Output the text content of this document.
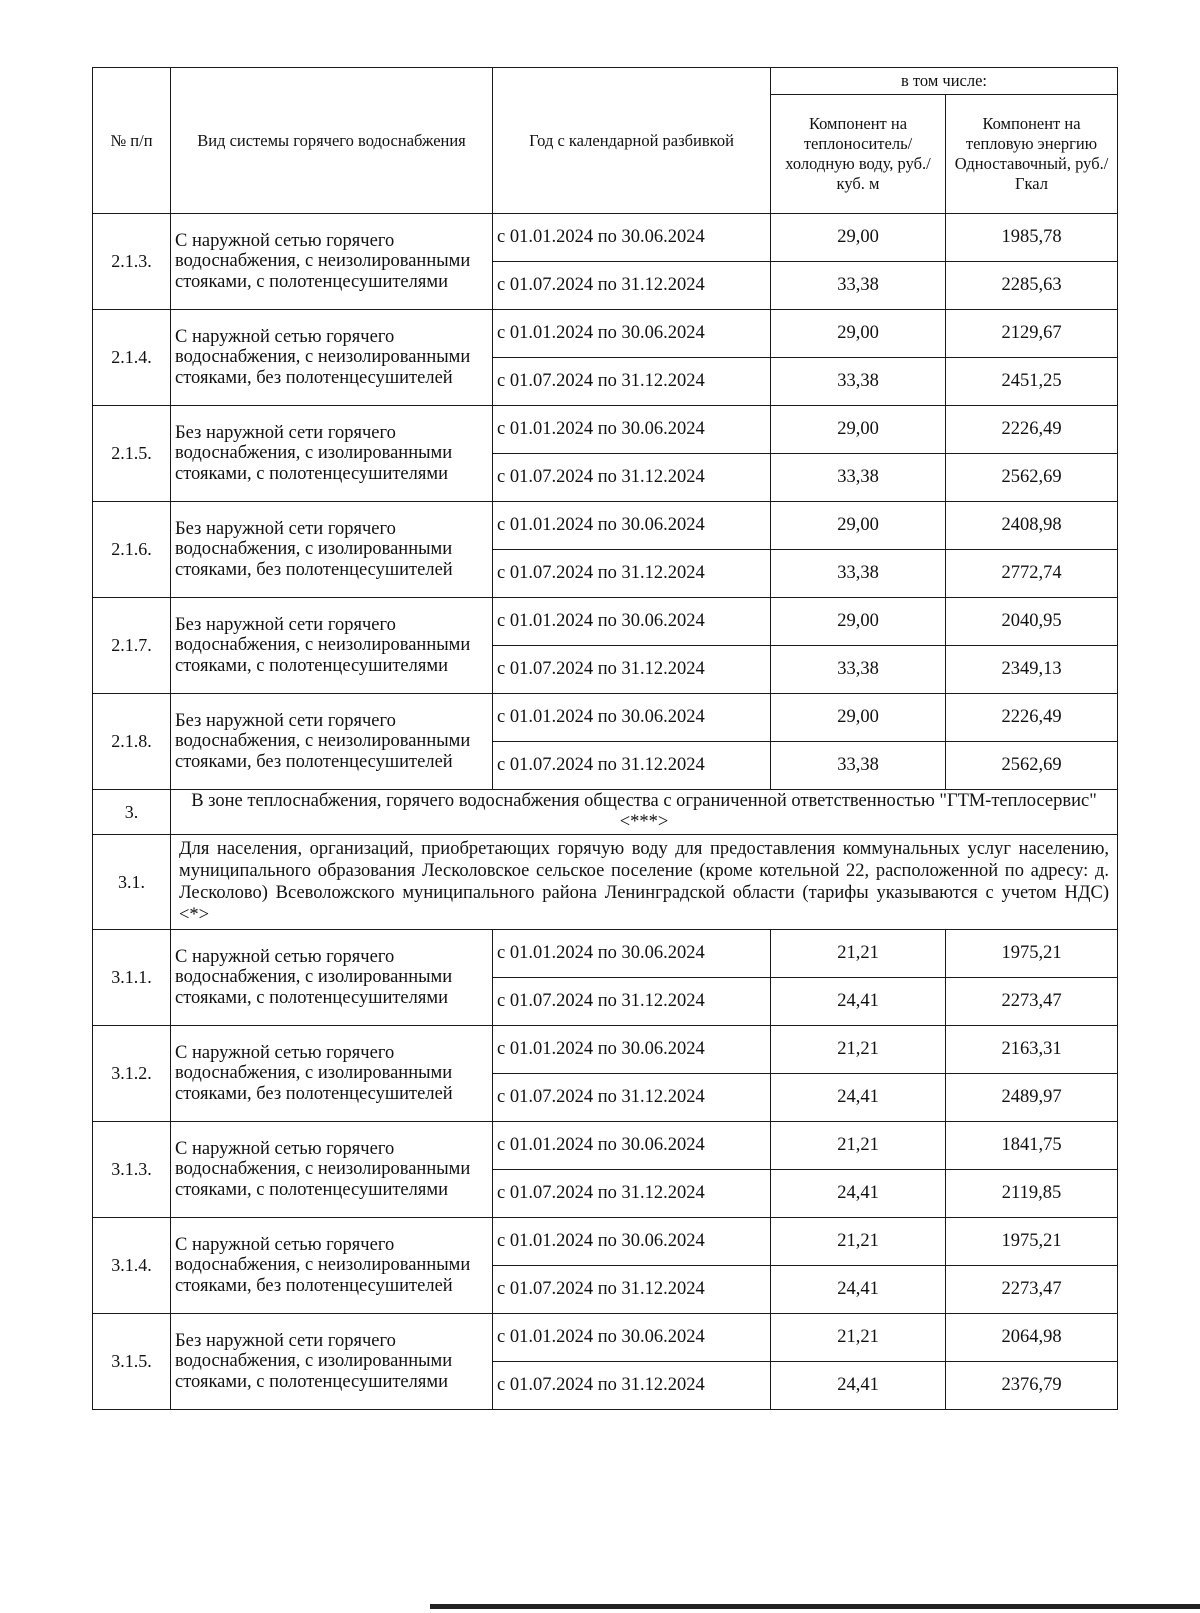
№ п/п	Вид системы горячего водоснабжения	Год с календарной разбивкой	в том числе:	
			Компонент на теплоноситель/ холодную воду, руб./куб. м	Компонент на тепловую энергию Одноставочный, руб./Гкал
2.1.3.	С наружной сетью горячего водоснабжения, с неизолированными стояками, с полотенцесушителями	с 01.01.2024 по 30.06.2024	29,00	1985,78
		с 01.07.2024 по 31.12.2024	33,38	2285,63
2.1.4.	С наружной сетью горячего водоснабжения, с неизолированными стояками, без полотенцесушителей	с 01.01.2024 по 30.06.2024	29,00	2129,67
		с 01.07.2024 по 31.12.2024	33,38	2451,25
2.1.5.	Без наружной сети горячего водоснабжения, с изолированными стояками, с полотенцесушителями	с 01.01.2024 по 30.06.2024	29,00	2226,49
		с 01.07.2024 по 31.12.2024	33,38	2562,69
2.1.6.	Без наружной сети горячего водоснабжения, с изолированными стояками, без полотенцесушителей	с 01.01.2024 по 30.06.2024	29,00	2408,98
		с 01.07.2024 по 31.12.2024	33,38	2772,74
2.1.7.	Без наружной сети горячего водоснабжения, с неизолированными стояками, с полотенцесушителями	с 01.01.2024 по 30.06.2024	29,00	2040,95
		с 01.07.2024 по 31.12.2024	33,38	2349,13
2.1.8.	Без наружной сети горячего водоснабжения, с неизолированными стояками, без полотенцесушителей	с 01.01.2024 по 30.06.2024	29,00	2226,49
		с 01.07.2024 по 31.12.2024	33,38	2562,69
3.	В зоне теплоснабжения, горячего водоснабжения общества с ограниченной ответственностью "ГТМ-теплосервис" <***>			
3.1.	Для населения, организаций, приобретающих горячую воду для предоставления коммунальных услуг населению, муниципального образования Лесколовское сельское поселение (кроме котельной 22, расположенной по адресу: д. Лесколово) Всеволожского муниципального района Ленинградской области (тарифы указываются с учетом НДС) <*>			
3.1.1.	С наружной сетью горячего водоснабжения, с изолированными стояками, с полотенцесушителями	с 01.01.2024 по 30.06.2024	21,21	1975,21
		с 01.07.2024 по 31.12.2024	24,41	2273,47
3.1.2.	С наружной сетью горячего водоснабжения, с изолированными стояками, без полотенцесушителей	с 01.01.2024 по 30.06.2024	21,21	2163,31
		с 01.07.2024 по 31.12.2024	24,41	2489,97
3.1.3.	С наружной сетью горячего водоснабжения, с неизолированными стояками, с полотенцесушителями	с 01.01.2024 по 30.06.2024	21,21	1841,75
		с 01.07.2024 по 31.12.2024	24,41	2119,85
3.1.4.	С наружной сетью горячего водоснабжения, с неизолированными стояками, без полотенцесушителей	с 01.01.2024 по 30.06.2024	21,21	1975,21
		с 01.07.2024 по 31.12.2024	24,41	2273,47
3.1.5.	Без наружной сети горячего водоснабжения, с изолированными стояками, с полотенцесушителями	с 01.01.2024 по 30.06.2024	21,21	2064,98
		с 01.07.2024 по 31.12.2024	24,41	2376,79
